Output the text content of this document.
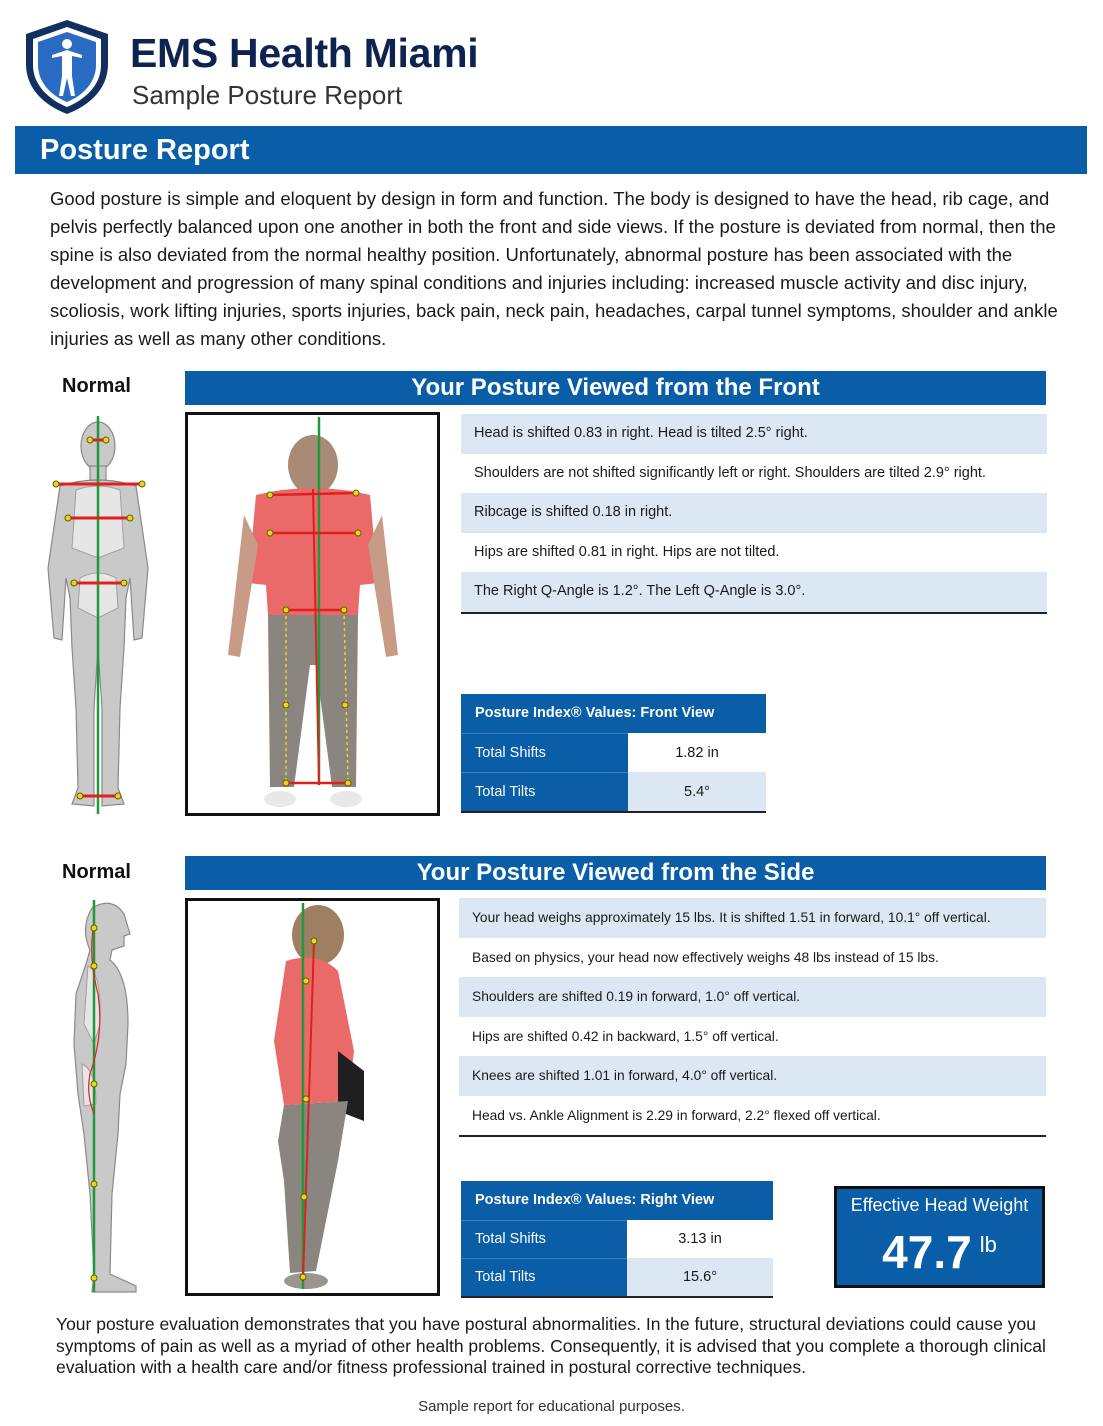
EMS Health Miami
Sample Posture Report
Posture Report
Good posture is simple and eloquent by design in form and function. The body is designed to have the head, rib cage, and pelvis perfectly balanced upon one another in both the front and side views. If the posture is deviated from normal, then the spine is also deviated from the normal healthy position. Unfortunately, abnormal posture has been associated with the development and progression of many spinal conditions and injuries including: increased muscle activity and disc injury, scoliosis, work lifting injuries, sports injuries, back pain, neck pain, headaches, carpal tunnel symptoms, shoulder and ankle injuries as well as many other conditions.
Normal	Your Posture Viewed from the Front
Head is shifted 0.83 in right. Head is tilted 2.5° right.
Shoulders are not shifted significantly left or right. Shoulders are tilted 2.9° right.
Ribcage is shifted 0.18 in right.
Hips are shifted 0.81 in right. Hips are not tilted.
The Right Q-Angle is 1.2°. The Left Q-Angle is 3.0°.
Posture Index® Values: Front View	
Total Shifts	1.82 in
Total Tilts	5.4°
Normal	Your Posture Viewed from the Side
Your head weighs approximately 15 lbs. It is shifted 1.51 in forward, 10.1° off vertical.
Based on physics, your head now effectively weighs 48 lbs instead of 15 lbs.
Shoulders are shifted 0.19 in forward, 1.0° off vertical.
Hips are shifted 0.42 in backward, 1.5° off vertical.
Knees are shifted 1.01 in forward, 4.0° off vertical.
Head vs. Ankle Alignment is 2.29 in forward, 2.2° flexed off vertical.
Posture Index® Values: Right View	
Total Shifts	3.13 in
Total Tilts	15.6°
Effective Head Weight
47.7 lb
Your posture evaluation demonstrates that you have postural abnormalities. In the future, structural deviations could cause you symptoms of pain as well as a myriad of other health problems. Consequently, it is advised that you complete a thorough clinical evaluation with a health care and/or fitness professional trained in postural corrective techniques.
Sample report for educational purposes.
